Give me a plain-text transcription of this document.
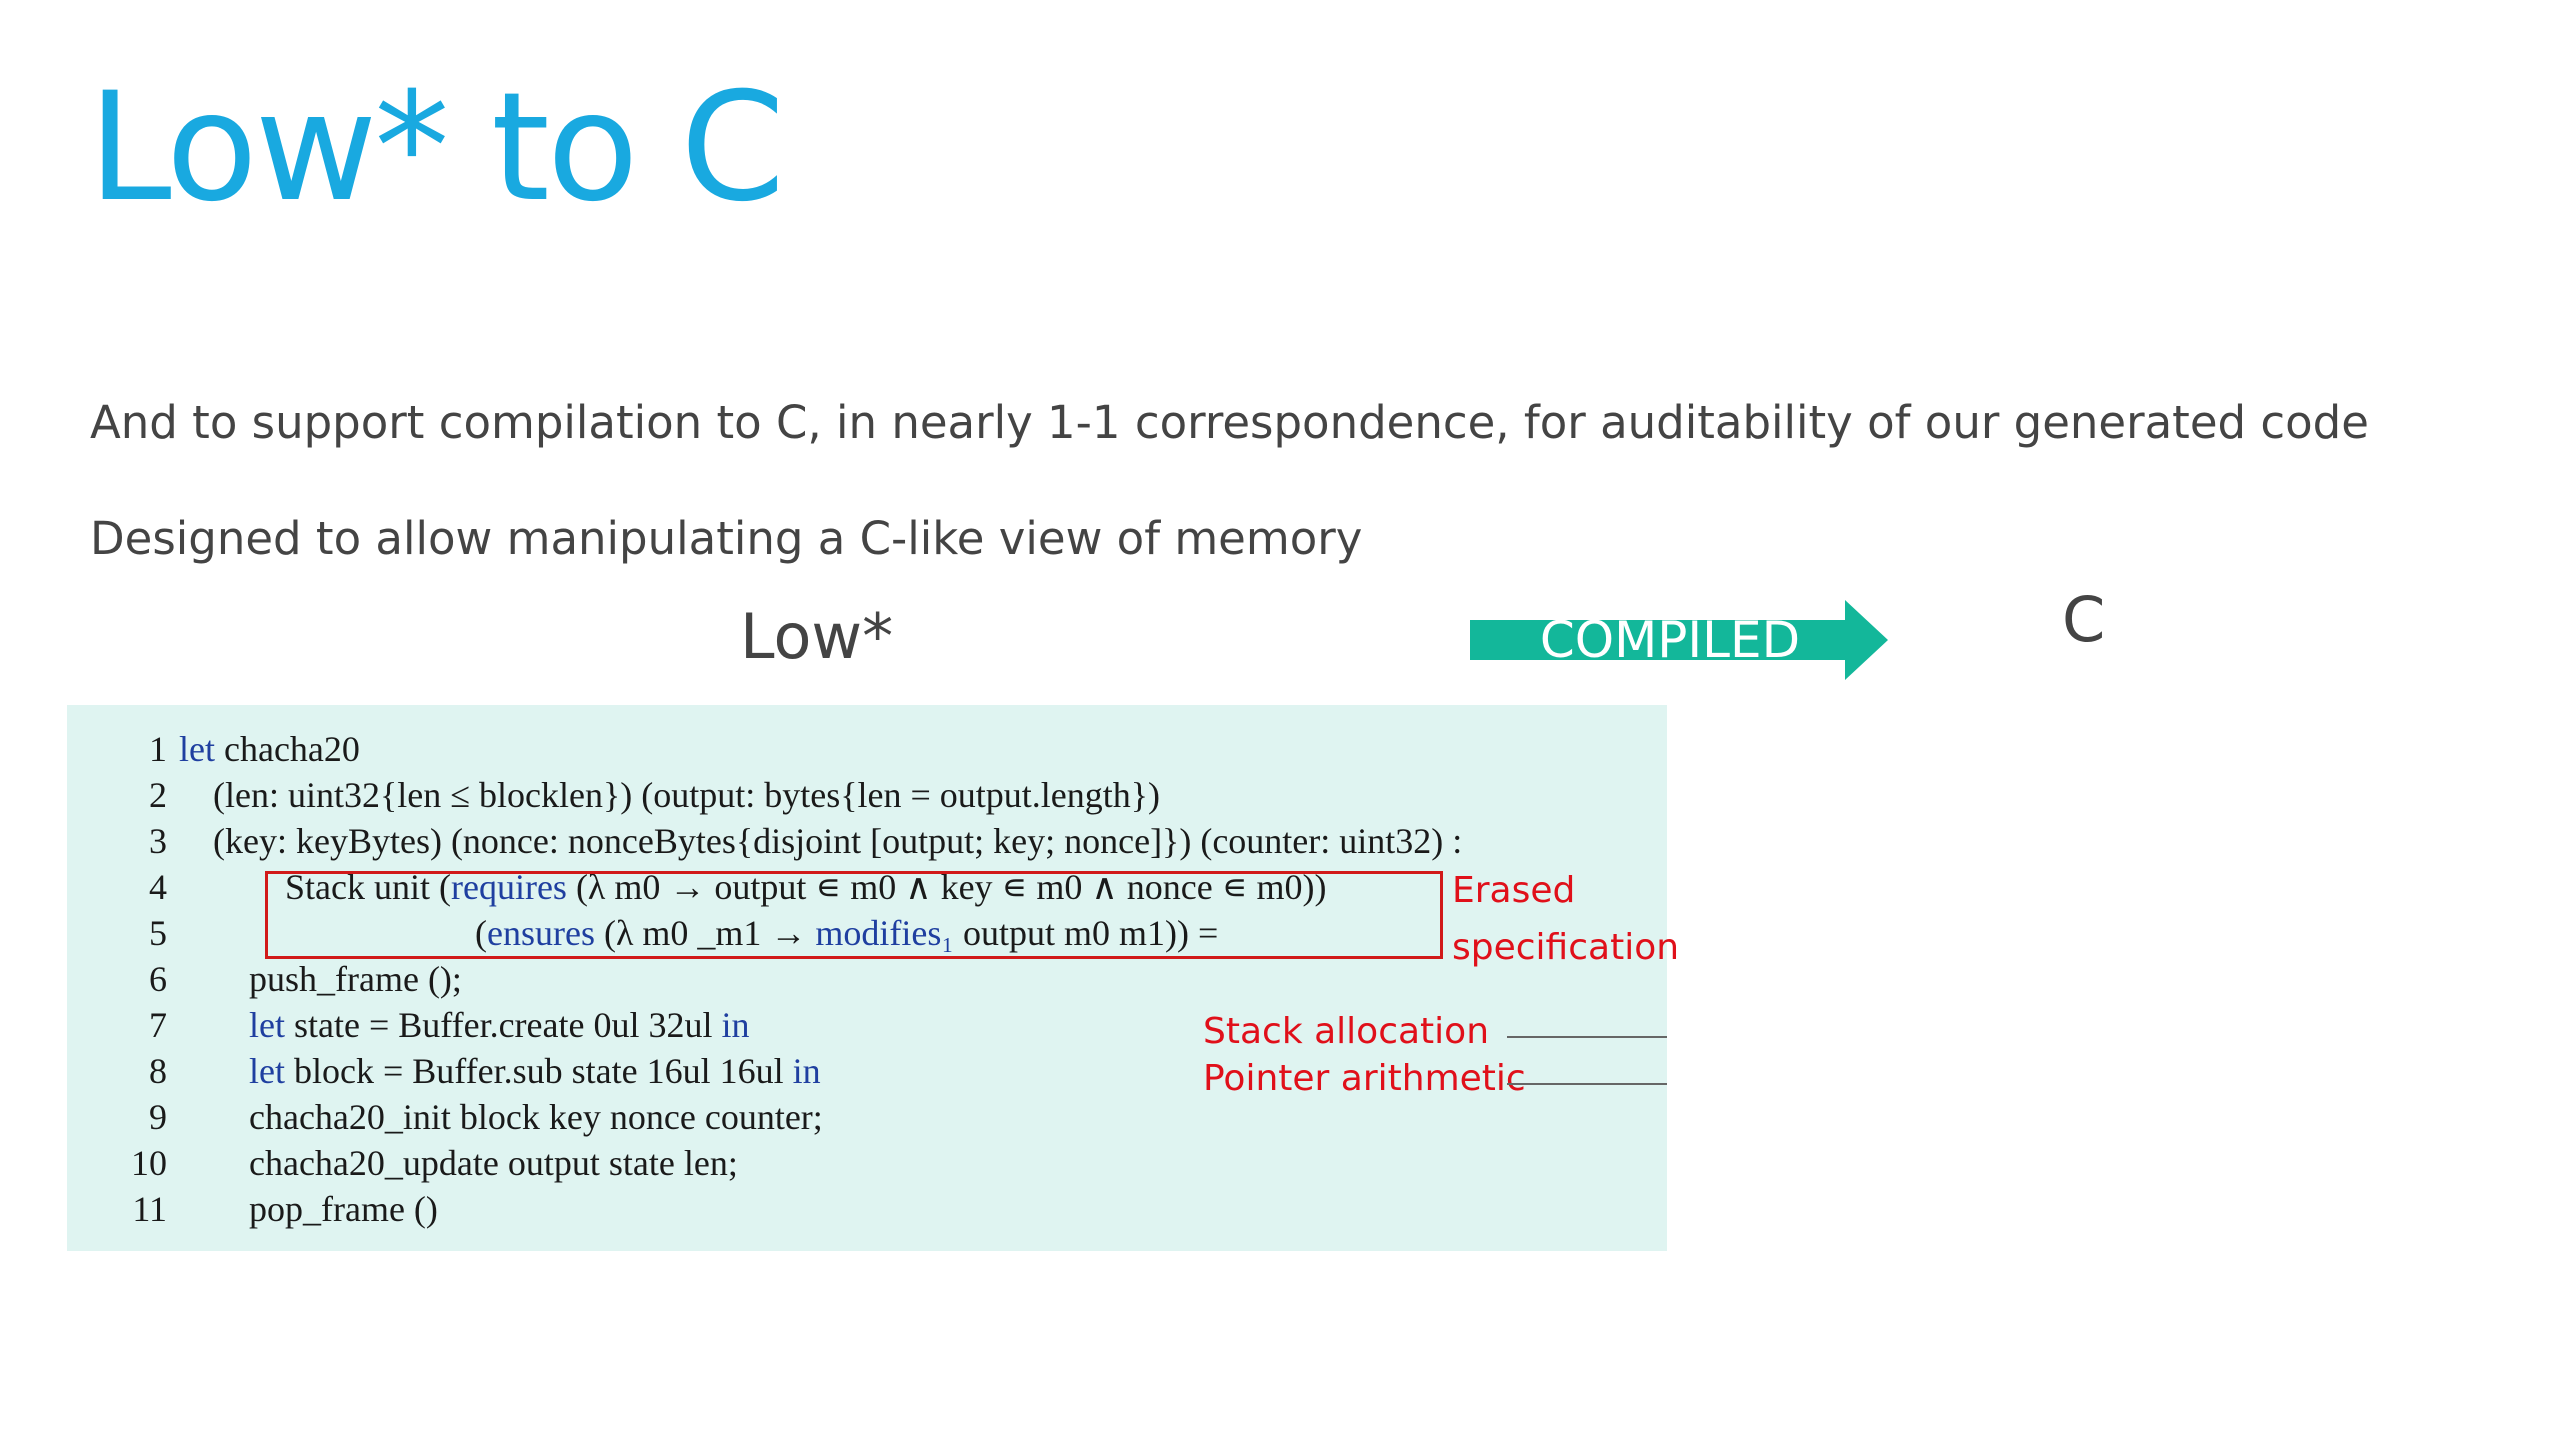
Low* to C
And to support compilation to C, in nearly 1-1 correspondence, for auditability of our generated code
Designed to allow manipulating a C-like view of memory
Low*	COMPILED	C
1 let chacha20
2 (len: uint32{len ≤ blocklen}) (output: bytes{len = output.length})
3 (key: keyBytes) (nonce: nonceBytes{disjoint [output; key; nonce]}) (counter: uint32) :
4	Stack unit (requires (λ m0 → output ∊ m0 ∧ key ∊ m0 ∧ nonce ∊ m0))
5	(ensures (λ m0 _m1 → modifies₁ output m0 m1)) =
6 push_frame ();
7 let state = Buffer.create 0ul 32ul in
8 let block = Buffer.sub state 16ul 16ul in
9 chacha20_init block key nonce counter;
10 chacha20_update output state len;
11 pop_frame ()
Erased
specification
Stack allocation
Pointer arithmetic
